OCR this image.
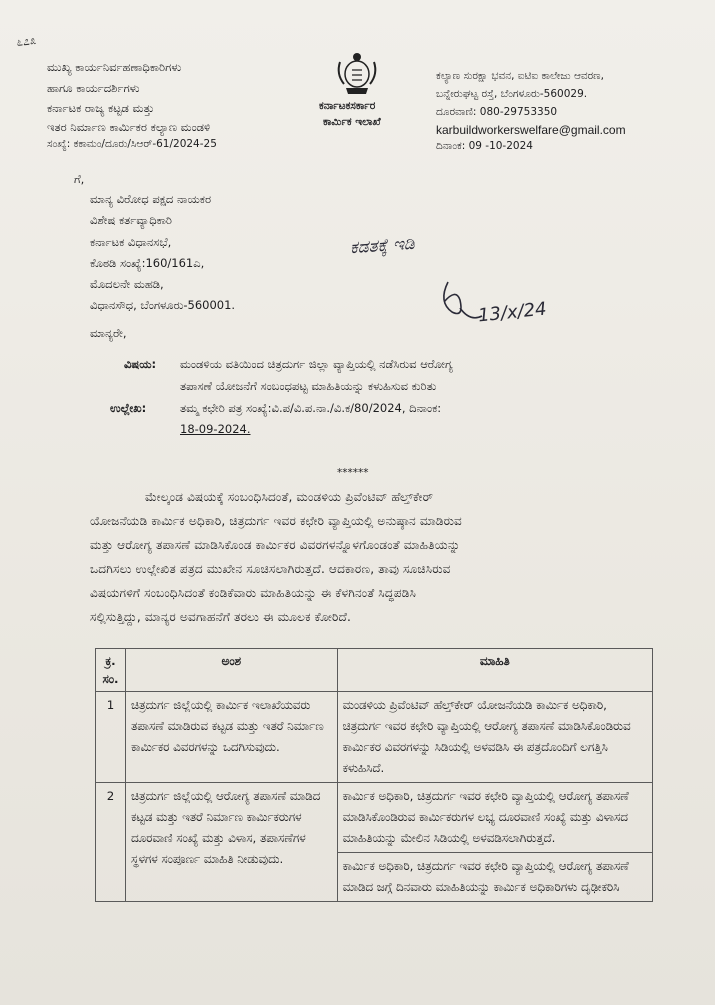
೬೭೩
ಮುಖ್ಯ ಕಾರ್ಯನಿರ್ವಹಣಾಧಿಕಾರಿಗಳು
ಹಾಗೂ ಕಾರ್ಯದರ್ಶಿಗಳು
ಕರ್ನಾಟಕ ರಾಜ್ಯ ಕಟ್ಟಡ ಮತ್ತು
ಇತರ ನಿರ್ಮಾಣ ಕಾರ್ಮಿಕರ ಕಲ್ಯಾಣ ಮಂಡಳಿ
ಕರ್ನಾಟಕಸರ್ಕಾರ
ಕಾರ್ಮಿಕ ಇಲಾಖೆ
ಕಲ್ಯಾಣ ಸುರಕ್ಷಾ ಭವನ, ಐಟಿಐ ಕಾಲೇಜು ಆವರಣ,
ಬನ್ನೇರುಘಟ್ಟ ರಸ್ತೆ, ಬೆಂಗಳೂರು-560029.
ದೂರವಾಣಿ: 080-29753350
karbuildworkerswelfare@gmail.com
ಸಂಖ್ಯೆ: ಕಕಾಮಂ/ದೂರು/ಸಿಆರ್-61/2024-25	ದಿನಾಂಕ: 09 -10-2024
ಗೆ,
ಮಾನ್ಯ ವಿರೋಧ ಪಕ್ಷದ ನಾಯಕರ
ವಿಶೇಷ ಕರ್ತವ್ಯಾಧಿಕಾರಿ
ಕರ್ನಾಟಕ ವಿಧಾನಸಭೆ,
ಕೊಠಡಿ ಸಂಖ್ಯೆ:160/161ಎ,
ಮೊದಲನೇ ಮಹಡಿ,
ವಿಧಾನಸೌಧ, ಬೆಂಗಳೂರು-560001.
ಕಡತಕ್ಕೆ ಇಡಿ
13/x/24
ಮಾನ್ಯರೇ,
ವಿಷಯ: ಮಂಡಳಿಯ ವತಿಯಿಂದ ಚಿತ್ರದುರ್ಗ ಜಿಲ್ಲಾ ವ್ಯಾಪ್ತಿಯಲ್ಲಿ ನಡೆಸಿರುವ ಆರೋಗ್ಯ
ತಪಾಸಣೆ ಯೋಜನೆಗೆ ಸಂಬಂಧಪಟ್ಟ ಮಾಹಿತಿಯನ್ನು ಕಳುಹಿಸುವ ಕುರಿತು
ಉಲ್ಲೇಖ:	ತಮ್ಮ ಕಛೇರಿ ಪತ್ರ ಸಂಖ್ಯೆ:ವಿ.ಪ/ವಿ.ಪ.ನಾ./ವಿ.ಕ/80/2024, ದಿನಾಂಕ:
18-09-2024.
******
ಮೇಲ್ಕಂಡ ವಿಷಯಕ್ಕೆ ಸಂಬಂಧಿಸಿದಂತೆ, ಮಂಡಳಿಯ ಪ್ರಿವೆಂಟಿವ್ ಹೆಲ್ತ್‌ಕೇರ್
ಯೋಜನೆಯಡಿ ಕಾರ್ಮಿಕ ಅಧಿಕಾರಿ, ಚಿತ್ರದುರ್ಗ ಇವರ ಕಛೇರಿ ವ್ಯಾಪ್ತಿಯಲ್ಲಿ ಅನುಷ್ಠಾನ ಮಾಡಿರುವ
ಮತ್ತು ಆರೋಗ್ಯ ತಪಾಸಣೆ ಮಾಡಿಸಿಕೊಂಡ ಕಾರ್ಮಿಕರ ವಿವರಗಳನ್ನೊಳಗೊಂಡಂತೆ ಮಾಹಿತಿಯನ್ನು
ಒದಗಿಸಲು ಉಲ್ಲೇಖಿತ ಪತ್ರದ ಮುಖೇನ ಸೂಚಿಸಲಾಗಿರುತ್ತದೆ. ಆದಕಾರಣ, ತಾವು ಸೂಚಿಸಿರುವ
ವಿಷಯಗಳಿಗೆ ಸಂಬಂಧಿಸಿದಂತೆ ಕಂಡಿಕೆವಾರು ಮಾಹಿತಿಯನ್ನು ಈ ಕೆಳಗಿನಂತೆ ಸಿದ್ಧಪಡಿಸಿ
ಸಲ್ಲಿಸುತ್ತಿದ್ದು, ಮಾನ್ಯರ ಅವಗಾಹನೆಗೆ ತರಲು ಈ ಮೂಲಕ ಕೋರಿದೆ.
ಕ್ರ. ಸಂ.	ಅಂಶ	ಮಾಹಿತಿ
1	ಚಿತ್ರದುರ್ಗ ಜಿಲ್ಲೆಯಲ್ಲಿ ಕಾರ್ಮಿಕ ಇಲಾಖೆಯವರು ತಪಾಸಣೆ ಮಾಡಿರುವ ಕಟ್ಟಡ ಮತ್ತು ಇತರೆ ನಿರ್ಮಾಣ ಕಾರ್ಮಿಕರ ವಿವರಗಳನ್ನು ಒದಗಿಸುವುದು.	ಮಂಡಳಿಯ ಪ್ರಿವೆಂಟಿವ್ ಹೆಲ್ತ್‌ಕೇರ್ ಯೋಜನೆಯಡಿ ಕಾರ್ಮಿಕ ಅಧಿಕಾರಿ, ಚಿತ್ರದುರ್ಗ ಇವರ ಕಛೇರಿ ವ್ಯಾಪ್ತಿಯಲ್ಲಿ ಆರೋಗ್ಯ ತಪಾಸಣೆ ಮಾಡಿಸಿಕೊಂಡಿರುವ ಕಾರ್ಮಿಕರ ವಿವರಗಳನ್ನು ಸಿಡಿಯಲ್ಲಿ ಅಳವಡಿಸಿ ಈ ಪತ್ರದೊಂದಿಗೆ ಲಗತ್ತಿಸಿ ಕಳುಹಿಸಿದೆ.
2	ಚಿತ್ರದುರ್ಗ ಜಿಲ್ಲೆಯಲ್ಲಿ ಆರೋಗ್ಯ ತಪಾಸಣೆ ಮಾಡಿದ ಕಟ್ಟಡ ಮತ್ತು ಇತರೆ ನಿರ್ಮಾಣ ಕಾರ್ಮಿಕರುಗಳ ದೂರವಾಣಿ ಸಂಖ್ಯೆ ಮತ್ತು ವಿಳಾಸ, ತಪಾಸಣೆಗಳ ಸ್ಥಳಗಳ ಸಂಪೂರ್ಣ ಮಾಹಿತಿ ನೀಡುವುದು.	ಕಾರ್ಮಿಕ ಅಧಿಕಾರಿ, ಚಿತ್ರದುರ್ಗ ಇವರ ಕಛೇರಿ ವ್ಯಾಪ್ತಿಯಲ್ಲಿ ಆರೋಗ್ಯ ತಪಾಸಣೆ ಮಾಡಿಸಿಕೊಂಡಿರುವ ಕಾರ್ಮಿಕರುಗಳ ಲಭ್ಯ ದೂರವಾಣಿ ಸಂಖ್ಯೆ ಮತ್ತು ವಿಳಾಸದ ಮಾಹಿತಿಯನ್ನು ಮೇಲಿನ ಸಿಡಿಯಲ್ಲಿ ಅಳವಡಿಸಲಾಗಿರುತ್ತದೆ.
ಕಾರ್ಮಿಕ ಅಧಿಕಾರಿ, ಚಿತ್ರದುರ್ಗ ಇವರ ಕಛೇರಿ ವ್ಯಾಪ್ತಿಯಲ್ಲಿ ಆರೋಗ್ಯ ತಪಾಸಣೆ ಮಾಡಿದ ಜಗ್ಗೆ ದಿನವಾರು ಮಾಹಿತಿಯನ್ನು ಕಾರ್ಮಿಕ ಅಧಿಕಾರಿಗಳು ದೃಢೀಕರಿಸಿ
